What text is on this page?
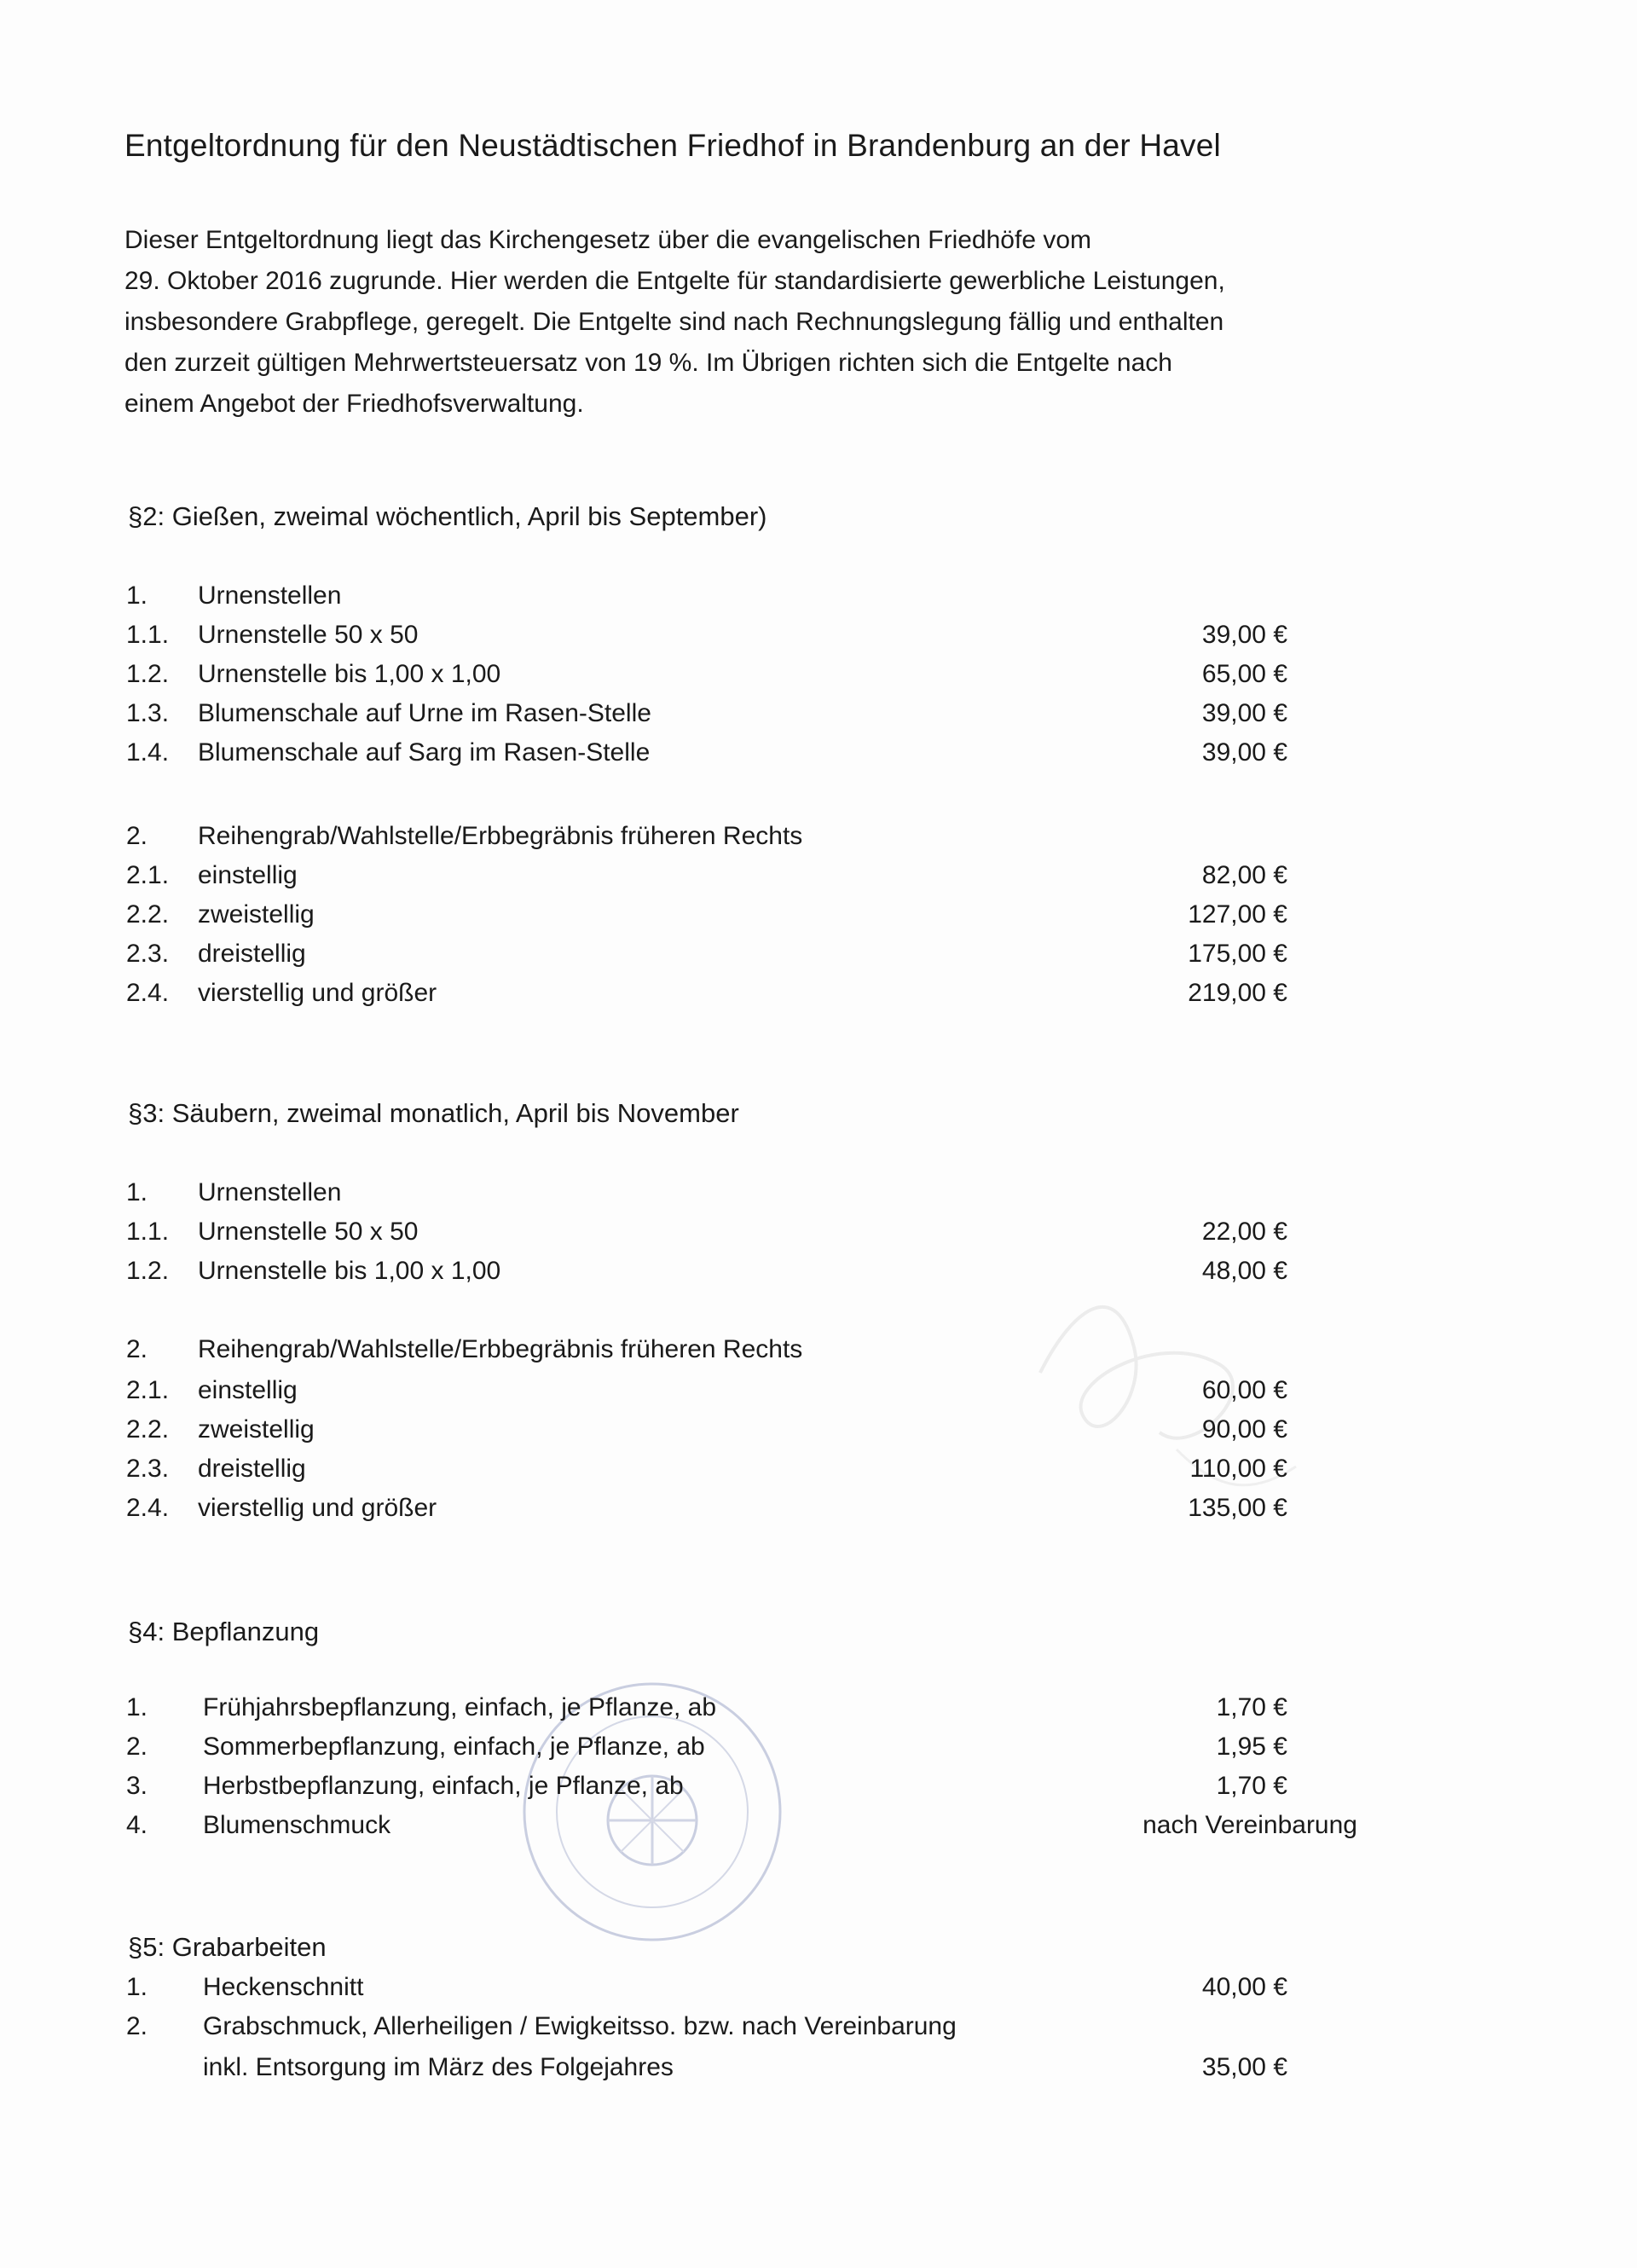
Entgeltordnung für den Neustädtischen Friedhof in Brandenburg an der Havel
Dieser Entgeltordnung liegt das Kirchengesetz über die evangelischen Friedhöfe vom
29. Oktober 2016 zugrunde. Hier werden die Entgelte für standardisierte gewerbliche Leistungen,
insbesondere Grabpflege, geregelt. Die Entgelte sind nach Rechnungslegung fällig und enthalten
den zurzeit gültigen Mehrwertsteuersatz von 19 %. Im Übrigen richten sich die Entgelte nach
einem Angebot der Friedhofsverwaltung.
§2: Gießen, zweimal wöchentlich, April bis September)
1. Urnenstellen
1.1. Urnenstelle 50 x 50	39,00 €
1.2. Urnenstelle bis 1,00 x 1,00	65,00 €
1.3. Blumenschale auf Urne im Rasen-Stelle	39,00 €
1.4. Blumenschale auf Sarg im Rasen-Stelle	39,00 €
2. Reihengrab/Wahlstelle/Erbbegräbnis früheren Rechts
2.1. einstellig	82,00 €
2.2. zweistellig	127,00 €
2.3. dreistellig	175,00 €
2.4. vierstellig und größer	219,00 €
§3: Säubern, zweimal monatlich, April bis November
1. Urnenstellen
1.1. Urnenstelle 50 x 50	22,00 €
1.2. Urnenstelle bis 1,00 x 1,00	48,00 €
2. Reihengrab/Wahlstelle/Erbbegräbnis früheren Rechts
2.1. einstellig	60,00 €
2.2. zweistellig	90,00 €
2.3. dreistellig	110,00 €
2.4. vierstellig und größer	135,00 €
§4: Bepflanzung
1. Frühjahrsbepflanzung, einfach, je Pflanze, ab	1,70 €
2. Sommerbepflanzung, einfach, je Pflanze, ab	1,95 €
3. Herbstbepflanzung, einfach, je Pflanze, ab	1,70 €
4. Blumenschmuck	nach Vereinbarung
§5: Grabarbeiten
1. Heckenschnitt	40,00 €
2. Grabschmuck, Allerheiligen / Ewigkeitsso. bzw. nach Vereinbarung
inkl. Entsorgung im März des Folgejahres	35,00 €
